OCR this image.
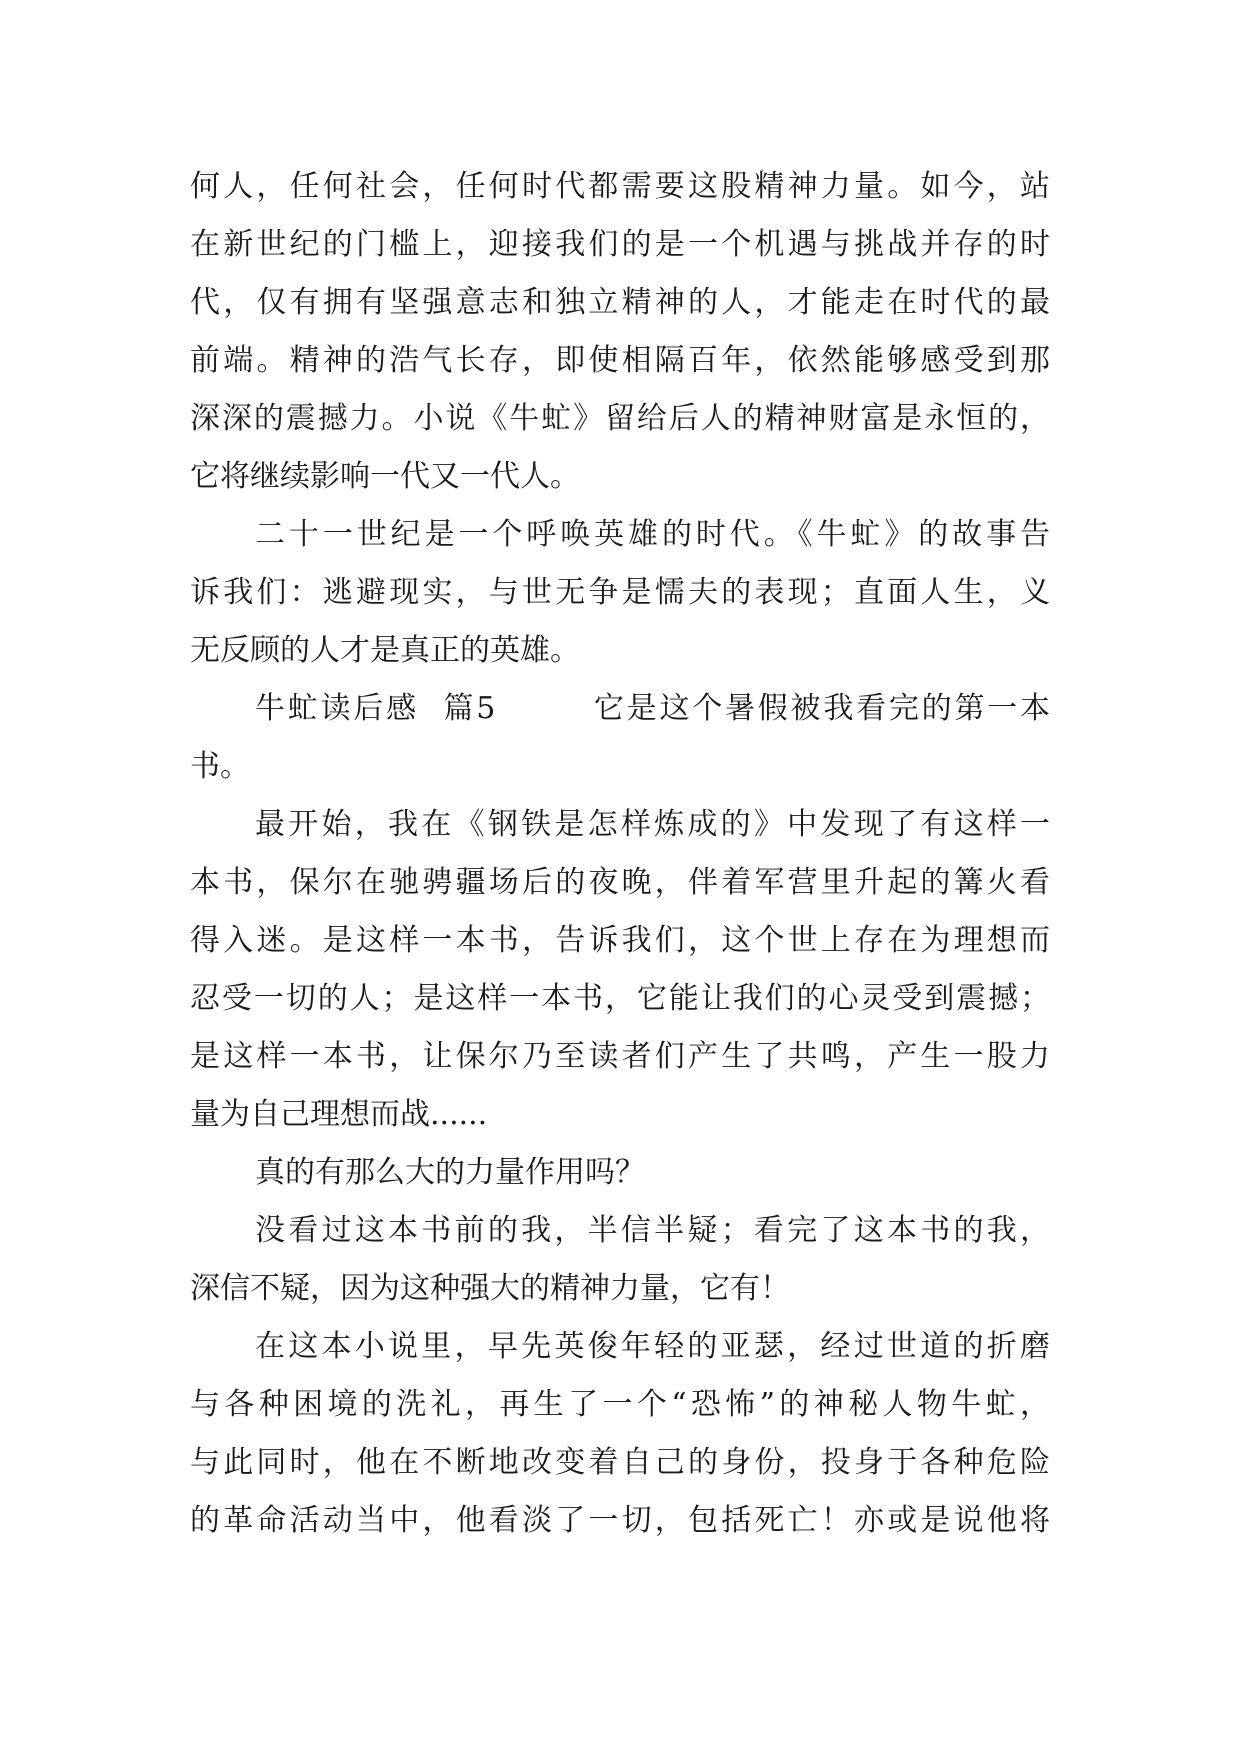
何人，任何社会，任何时代都需要这股精神力量。如今，站
在新世纪的门槛上，迎接我们的是一个机遇与挑战并存的时
代，仅有拥有坚强意志和独立精神的人，才能走在时代的最
前端。精神的浩气长存，即使相隔百年，依然能够感受到那
深深的震撼力。小说《牛虻》留给后人的精神财富是永恒的，
它将继续影响一代又一代人。
二十一世纪是一个呼唤英雄的时代。《牛虻》的故事告
诉我们：逃避现实，与世无争是懦夫的表现；直面人生，义
无反顾的人才是真正的英雄。
牛虻读后感  篇5        它是这个暑假被我看完的第一本
书。
最开始，我在《钢铁是怎样炼成的》中发现了有这样一
本书，保尔在驰骋疆场后的夜晚，伴着军营里升起的篝火看
得入迷。是这样一本书，告诉我们，这个世上存在为理想而
忍受一切的人；是这样一本书，它能让我们的心灵受到震撼；
是这样一本书，让保尔乃至读者们产生了共鸣，产生一股力
量为自己理想而战......
真的有那么大的力量作用吗？
没看过这本书前的我，半信半疑；看完了这本书的我，
深信不疑，因为这种强大的精神力量，它有！
在这本小说里，早先英俊年轻的亚瑟，经过世道的折磨
与各种困境的洗礼，再生了一个“恐怖”的神秘人物牛虻，
与此同时，他在不断地改变着自己的身份，投身于各种危险
的革命活动当中，他看淡了一切，包括死亡！亦或是说他将
